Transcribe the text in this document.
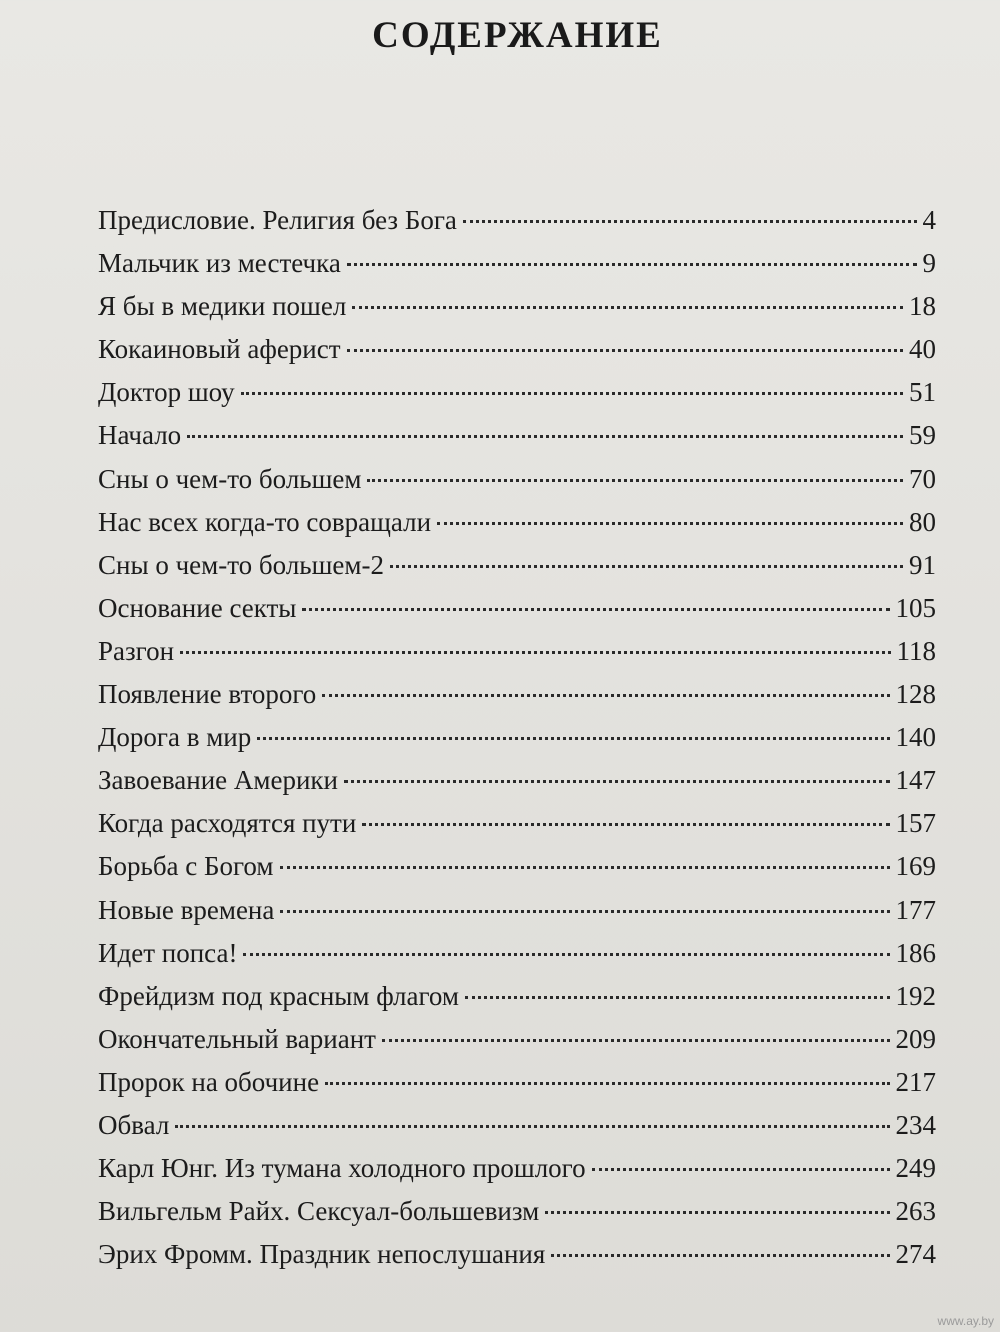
СОДЕРЖАНИЕ
Предисловие. Религия без Бога	4
Мальчик из местечка	9
Я бы в медики пошел	18
Кокаиновый аферист	40
Доктор шоу	51
Начало	59
Сны о чем-то большем	70
Нас всех когда-то совращали	80
Сны о чем-то большем-2	91
Основание секты	105
Разгон	118
Появление второго	128
Дорога в мир	140
Завоевание Америки	147
Когда расходятся пути	157
Борьба с Богом	169
Новые времена	177
Идет попса!	186
Фрейдизм под красным флагом	192
Окончательный вариант	209
Пророк на обочине	217
Обвал	234
Карл Юнг. Из тумана холодного прошлого	249
Вильгельм Райх. Сексуал-большевизм	263
Эрих Фромм. Праздник непослушания	274
www.ay.by
